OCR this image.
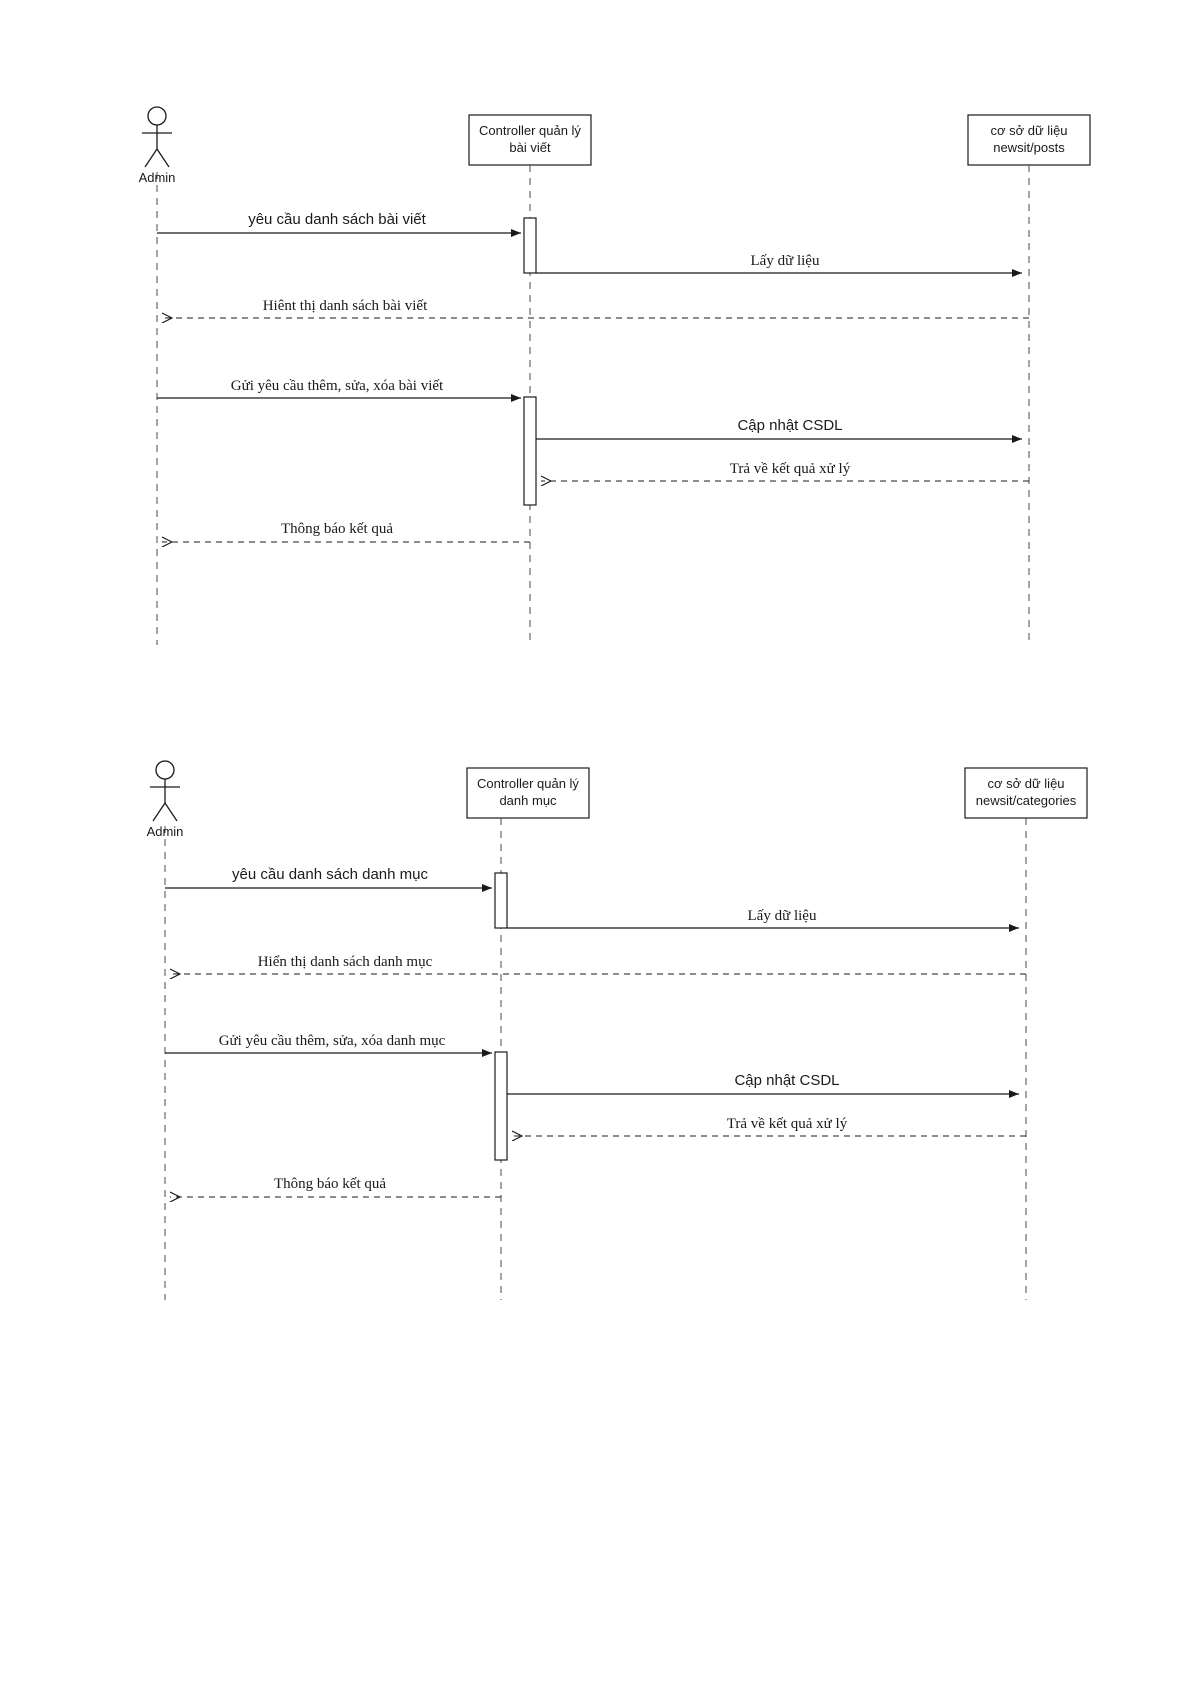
Admin
Controller quản lý
bài viết
cơ sở dữ liệu
newsit/posts
yêu cầu danh sách bài viết
Lấy dữ liệu
Hiênt thị danh sách bài viết
Gửi yêu cầu thêm, sửa, xóa bài viết
Cập nhật CSDL
Trả về kết quả xử lý
Thông báo kết quả
Admin
Controller quản lý
danh mục
cơ sở dữ liệu
newsit/categories
yêu cầu danh sách danh mục
Lấy dữ liệu
Hiển thị danh sách danh mục
Gửi yêu cầu thêm, sửa, xóa danh mục
Cập nhật CSDL
Trả về kết quả xử lý
Thông báo kết quả
